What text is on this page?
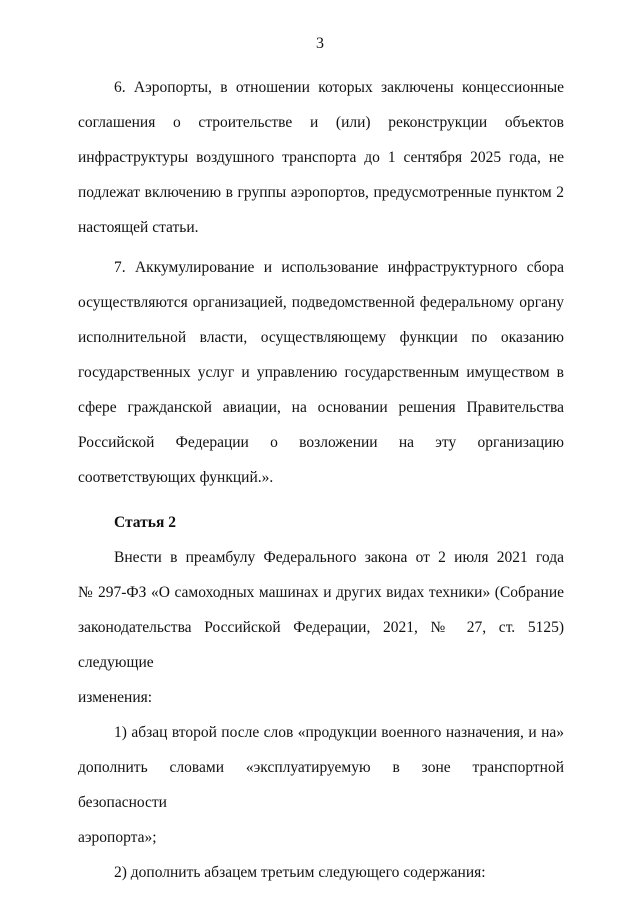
3
6. Аэропорты, в отношении которых заключены концессионные
соглашения о строительстве и (или) реконструкции объектов
инфраструктуры воздушного транспорта до 1 сентября 2025 года, не
подлежат включению в группы аэропортов, предусмотренные пунктом 2
настоящей статьи.
7. Аккумулирование и использование инфраструктурного сбора
осуществляются организацией, подведомственной федеральному органу
исполнительной власти, осуществляющему функции по оказанию
государственных услуг и управлению государственным имуществом в
сфере гражданской авиации, на основании решения Правительства
Российской Федерации о возложении на эту организацию
соответствующих функций.».
Статья 2
Внести в преамбулу Федерального закона от 2 июля 2021 года
№ 297-ФЗ «О самоходных машинах и других видах техники» (Собрание
законодательства Российской Федерации, 2021, № 27, ст. 5125) следующие
изменения:
1) абзац второй после слов «продукции военного назначения, и на»
дополнить словами «эксплуатируемую в зоне транспортной безопасности
аэропорта»;
2) дополнить абзацем третьим следующего содержания:
